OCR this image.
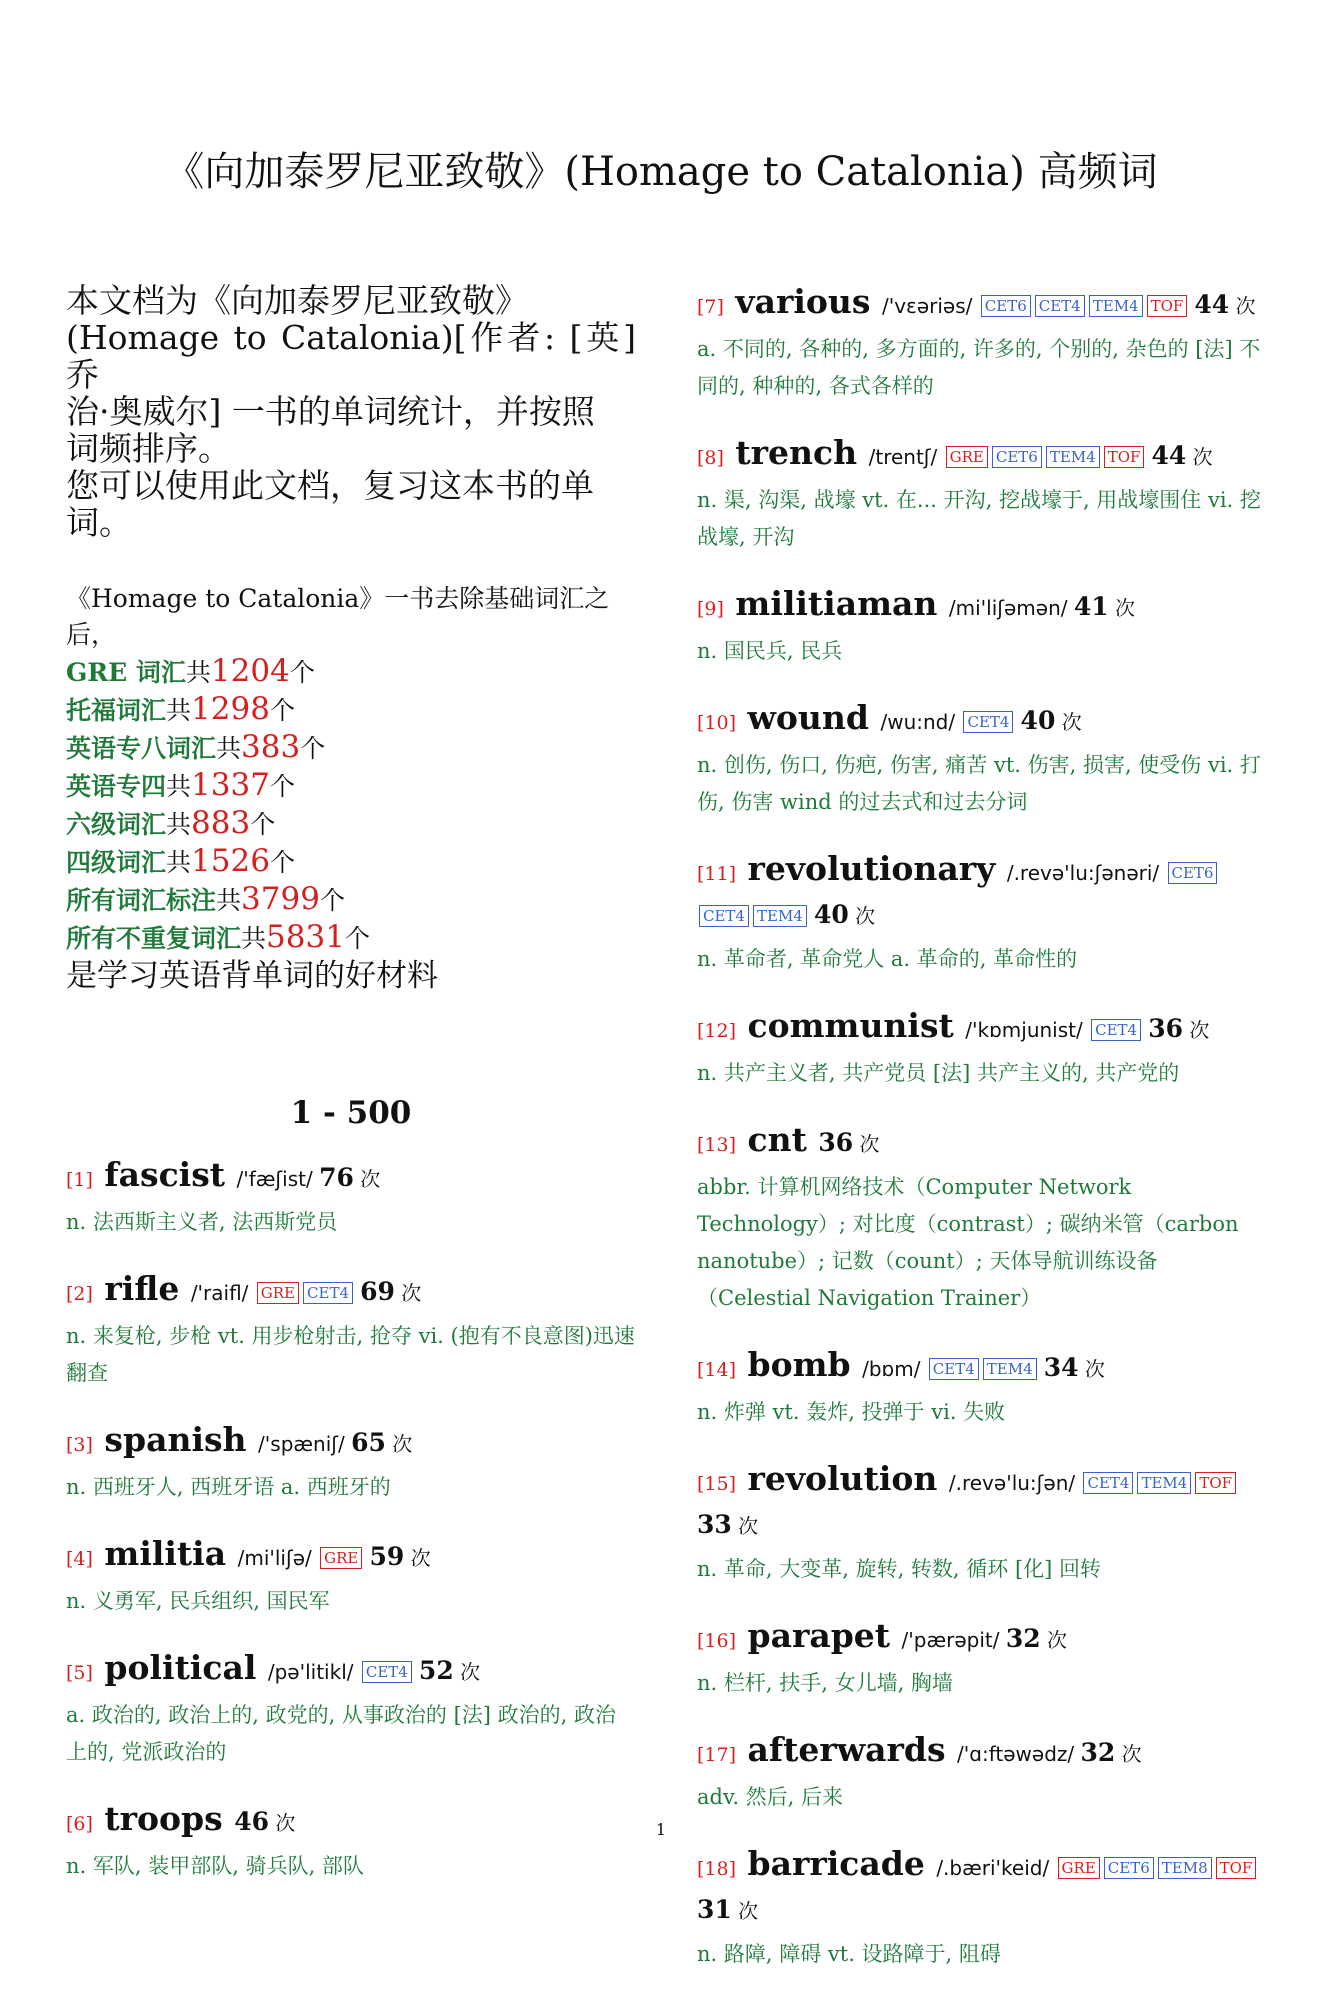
《向加泰罗尼亚致敬》(Homage to Catalonia) 高频词
本文档为《向加泰罗尼亚致敬》
(Homage to Catalonia)[作者: [英] 乔
治·奥威尔] 一书的单词统计，并按照
词频排序。
您可以使用此文档，复习这本书的单
词。
《Homage to Catalonia》一书去除基础词汇之后，
GRE 词汇共1204个
托福词汇共1298个
英语专八词汇共383个
英语专四共1337个
六级词汇共883个
四级词汇共1526个
所有词汇标注共3799个
所有不重复词汇共5831个
是学习英语背单词的好材料
1 - 500
[1] fascist /'fæʃist/ 76 次
n. 法西斯主义者, 法西斯党员
[2] rifle /'raifl/ GRE CET4 69 次
n. 来复枪, 步枪 vt. 用步枪射击, 抢夺 vi. (抱有不良意图)迅速翻查
[3] spanish /'spæniʃ/ 65 次
n. 西班牙人, 西班牙语 a. 西班牙的
[4] militia /mi'liʃə/ GRE 59 次
n. 义勇军, 民兵组织, 国民军
[5] political /pə'litikl/ CET4 52 次
a. 政治的, 政治上的, 政党的, 从事政治的 [法] 政治的, 政治上的, 党派政治的
[6] troops 46 次
n. 军队, 装甲部队, 骑兵队, 部队
[7] various /'vɛəriəs/ CET6 CET4 TEM4 TOF 44 次
a. 不同的, 各种的, 多方面的, 许多的, 个别的, 杂色的 [法] 不同的, 种种的, 各式各样的
[8] trench /trentʃ/ GRE CET6 TEM4 TOF 44 次
n. 渠, 沟渠, 战壕 vt. 在... 开沟, 挖战壕于, 用战壕围住 vi. 挖战壕, 开沟
[9] militiaman /mi'liʃəmən/ 41 次
n. 国民兵, 民兵
[10] wound /wu:nd/ CET4 40 次
n. 创伤, 伤口, 伤疤, 伤害, 痛苦 vt. 伤害, 损害, 使受伤 vi. 打伤, 伤害 wind 的过去式和过去分词
[11] revolutionary /.revə'lu:ʃənəri/ CET6CET4 TEM4 40 次
n. 革命者, 革命党人 a. 革命的, 革命性的
[12] communist /'kɒmjunist/ CET4 36 次
n. 共产主义者, 共产党员 [法] 共产主义的, 共产党的
[13] cnt 36 次
abbr. 计算机网络技术（Computer Network Technology）; 对比度（contrast）; 碳纳米管（carbon nanotube）; 记数（count）; 天体导航训练设备（Celestial Navigation Trainer）
[14] bomb /bɒm/ CET4 TEM4 34 次
n. 炸弹 vt. 轰炸, 投弹于 vi. 失败
[15] revolution /.revə'lu:ʃən/ CET4 TEM4 TOF 33 次
n. 革命, 大变革, 旋转, 转数, 循环 [化] 回转
[16] parapet /'pærəpit/ 32 次
n. 栏杆, 扶手, 女儿墙, 胸墙
[17] afterwards /'ɑ:ftəwədz/ 32 次
adv. 然后, 后来
[18] barricade /.bæri'keid/ GRE CET6 TEM8 TOF 31 次
n. 路障, 障碍 vt. 设路障于, 阻碍
1
